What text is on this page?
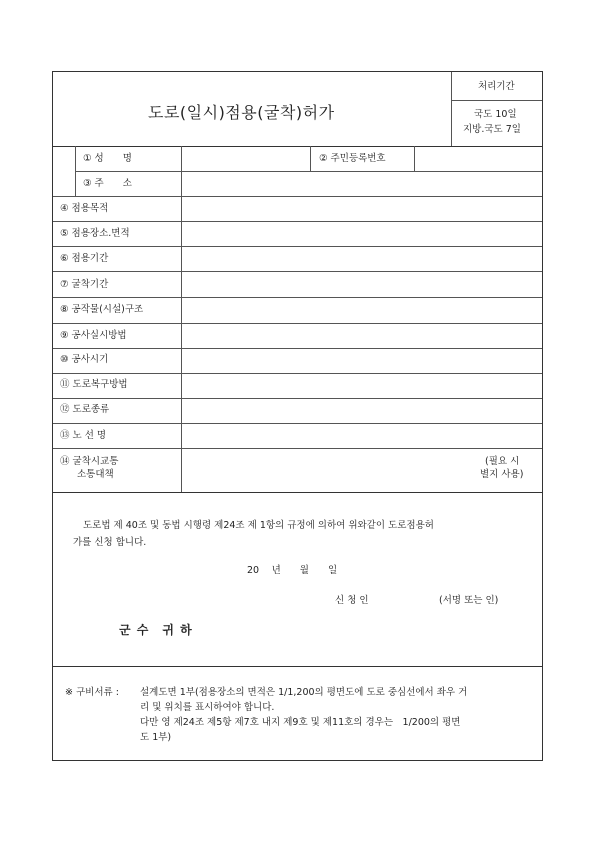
도로(일시)점용(굴착)허가
처리기간
국도 10일
지방.국도 7일
① 성　　명	② 주민등록번호
③ 주　　소
④ 점용목적
⑤ 점용장소.면적
⑥ 점용기간
⑦ 굴착기간
⑧ 공작물(시설)구조
⑨ 공사실시방법
⑩ 공사시기
⑪ 도로복구방법
⑫ 도로종류
⑬ 노 선 명
⑭ 굴착시교통
소통대책
(필요 시
별지 사용)
도로법 제 40조 및 동법 시행령 제24조 제 1항의 규정에 의하여 위와같이 도로점용허
가를 신청 합니다.
20　 년　　월　　일
신 청 인	(서명 또는 인)
군 수　귀 하
※ 구비서류 : 설계도면 1부(점용장소의 면적은 1/1,200의 평면도에 도로 중심선에서 좌우 거
리 및 위치를 표시하여야 합니다.
다만 영 제24조 제5항 제7호 내지 제9호 및 제11호의 경우는　1/200의 평면
도 1부)
